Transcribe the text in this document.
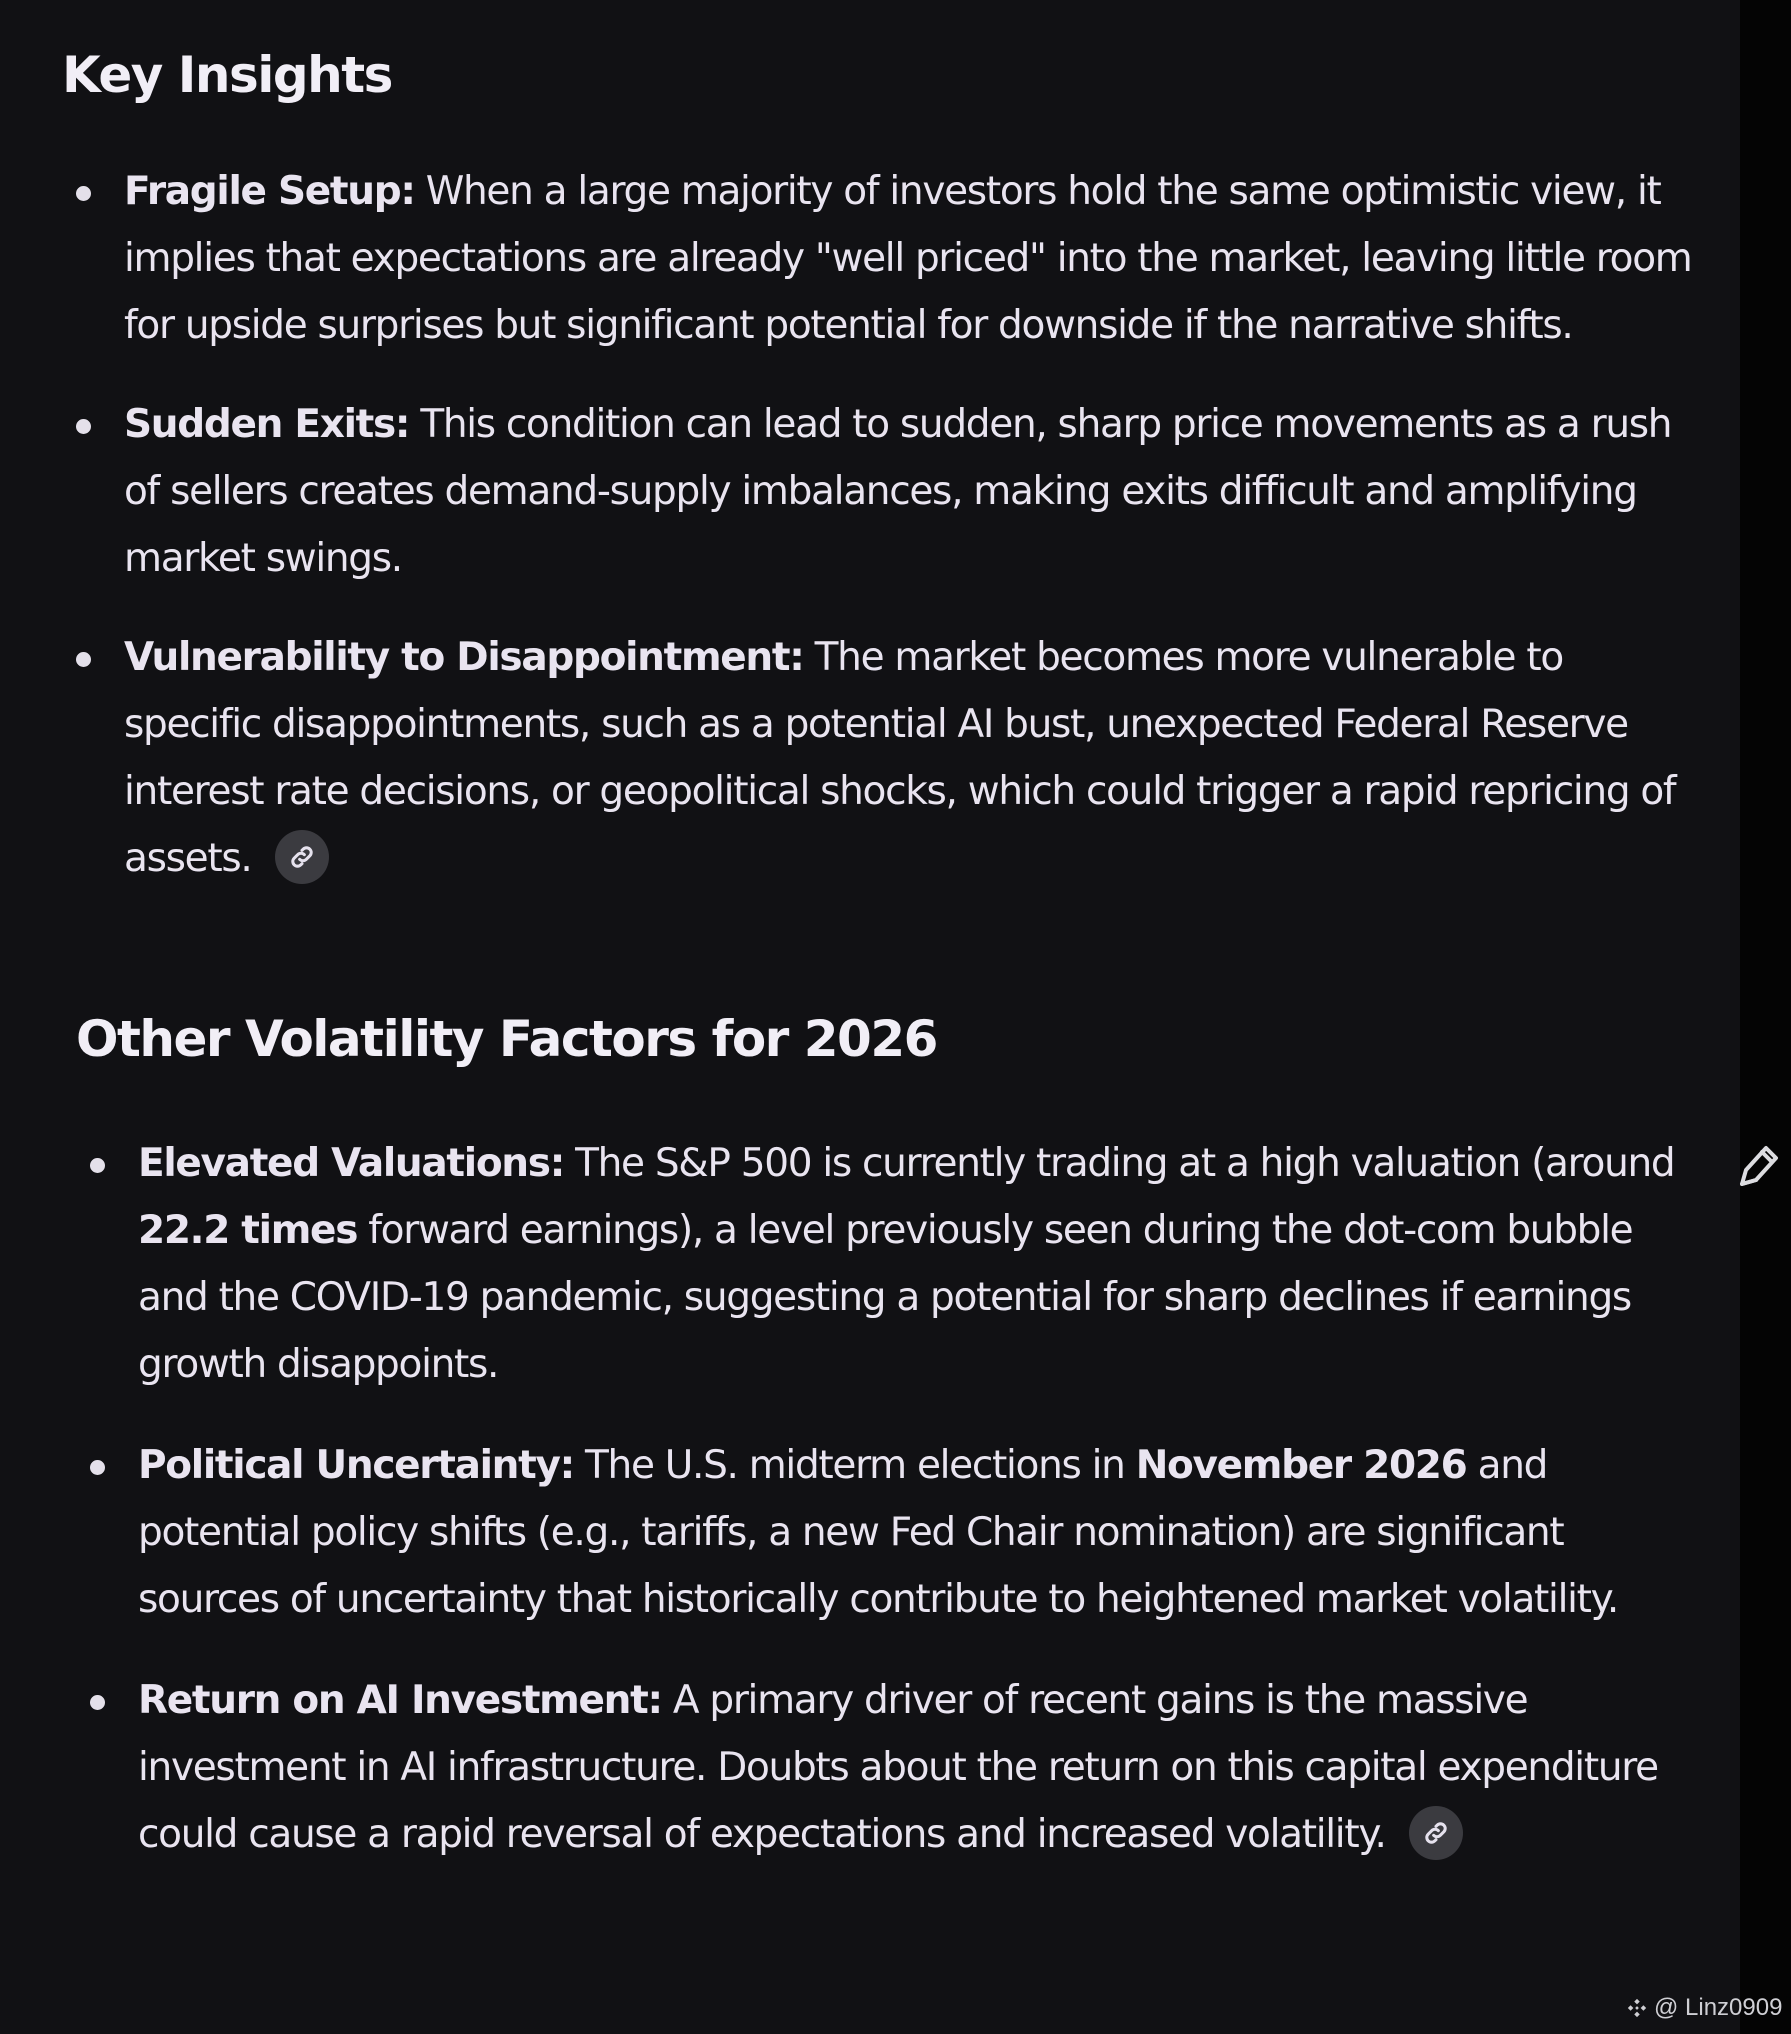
Key Insights
Fragile Setup: When a large majority of investors hold the same optimistic view, it implies that expectations are already "well priced" into the market, leaving little room for upside surprises but significant potential for downside if the narrative shifts.
Sudden Exits: This condition can lead to sudden, sharp price movements as a rush of sellers creates demand-supply imbalances, making exits difficult and amplifying market swings.
Vulnerability to Disappointment: The market becomes more vulnerable to specific disappointments, such as a potential AI bust, unexpected Federal Reserve interest rate decisions, or geopolitical shocks, which could trigger a rapid repricing of assets.
Other Volatility Factors for 2026
Elevated Valuations: The S&P 500 is currently trading at a high valuation (around 22.2 times forward earnings), a level previously seen during the dot-com bubble and the COVID-19 pandemic, suggesting a potential for sharp declines if earnings growth disappoints.
Political Uncertainty: The U.S. midterm elections in November 2026 and potential policy shifts (e.g., tariffs, a new Fed Chair nomination) are significant sources of uncertainty that historically contribute to heightened market volatility.
Return on AI Investment: A primary driver of recent gains is the massive investment in AI infrastructure. Doubts about the return on this capital expenditure could cause a rapid reversal of expectations and increased volatility.
@ Linz0909
